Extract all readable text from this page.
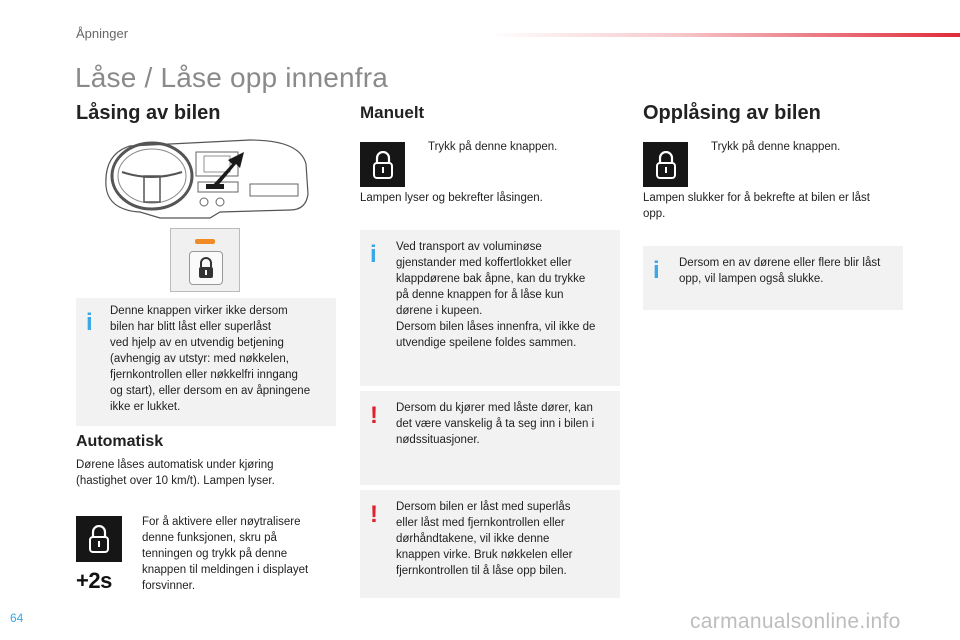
Åpninger
Låse / Låse opp innenfra
Låsing av bilen
i Denne knappen virker ikke dersom
bilen har blitt låst eller superlåst
ved hjelp av en utvendig betjening
(avhengig av utstyr: med nøkkelen,
fjernkontrollen eller nøkkelfri inngang
og start), eller dersom en av åpningene
ikke er lukket.
Automatisk
Dørene låses automatisk under kjøring
(hastighet over 10 km/t). Lampen lyser.
+2s
For å aktivere eller nøytralisere
denne funksjonen, skru på
tenningen og trykk på denne
knappen til meldingen i displayet
forsvinner.
Manuelt
Trykk på denne knappen.
Lampen lyser og bekrefter låsingen.
i Ved transport av voluminøse
gjenstander med koffertlokket eller
klappdørene bak åpne, kan du trykke
på denne knappen for å låse kun
dørene i kupeen.
Dersom bilen låses innenfra, vil ikke de
utvendige speilene foldes sammen.
! Dersom du kjører med låste dører, kan
det være vanskelig å ta seg inn i bilen i
nødssituasjoner.
! Dersom bilen er låst med superlås
eller låst med fjernkontrollen eller
dørhåndtakene, vil ikke denne
knappen virke. Bruk nøkkelen eller
fjernkontrollen til å låse opp bilen.
Opplåsing av bilen
Trykk på denne knappen.
Lampen slukker for å bekrefte at bilen er låst
opp.
i Dersom en av dørene eller flere blir låst
opp, vil lampen også slukke.
64	carmanualsonline.info
